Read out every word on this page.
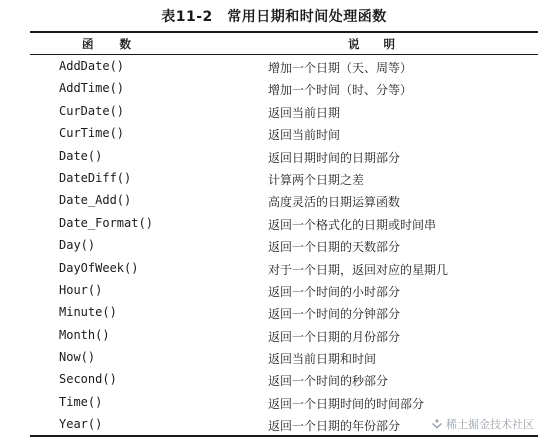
表11-2　常用日期和时间处理函数
函数	说明
AddDate()	增加一个日期（天、周等）
AddTime()	增加一个时间（时、分等）
CurDate()	返回当前日期
CurTime()	返回当前时间
Date()	返回日期时间的日期部分
DateDiff()	计算两个日期之差
Date_Add()	高度灵活的日期运算函数
Date_Format()	返回一个格式化的日期或时间串
Day()	返回一个日期的天数部分
DayOfWeek()	对于一个日期，返回对应的星期几
Hour()	返回一个时间的小时部分
Minute()	返回一个时间的分钟部分
Month()	返回一个日期的月份部分
Now()	返回当前日期和时间
Second()	返回一个时间的秒部分
Time()	返回一个日期时间的时间部分
Year()	返回一个日期的年份部分	稀土掘金技术社区
